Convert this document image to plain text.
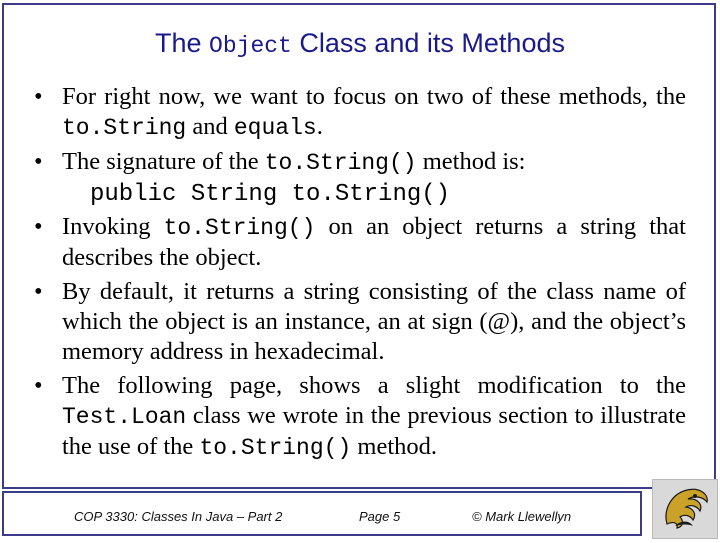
The Object Class and its Methods
• For right now, we want to focus on two of these methods, the to.String and equals.
• The signature of the to.String() method is:
public String to.String()
• Invoking to.String() on an object returns a string that describes the object.
• By default, it returns a string consisting of the class name of which the object is an instance, an at sign (@), and the object’s memory address in hexadecimal.
• The following page, shows a slight modification to the Test.Loan class we wrote in the previous section to illustrate the use of the to.String() method.
COP 3330: Classes In Java – Part 2	Page 5	© Mark Llewellyn
